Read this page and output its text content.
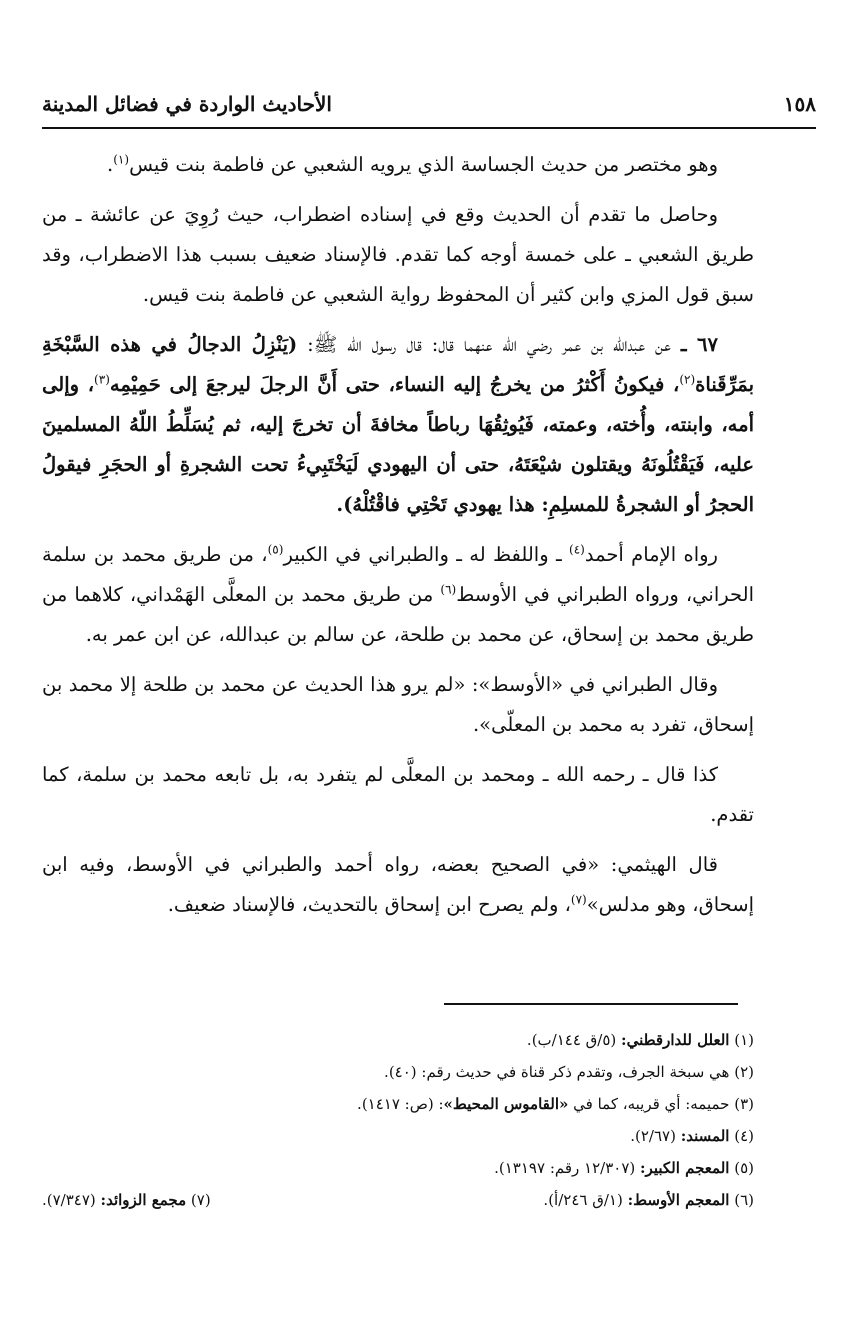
١٥٨
الأحاديث الواردة في فضائل المدينة

وهو مختصر من حديث الجساسة الذي يرويه الشعبي عن فاطمة بنت قيس$^{(١)}$.

وحاصل ما تقدم أن الحديث وقع في إسناده اضطراب، حيث رُوِيَ عن عائشة ـ من طريق الشعبي ـ على خمسة أوجه كما تقدم. فالإسناد ضعيف بسبب هذا الاضطراب، وقد سبق قول المزي وابن كثير أن المحفوظ رواية الشعبي عن فاطمة بنت قيس.

٦٧ ـ عن عبدالله بن عمر رضي الله عنهما قال: قال رسول الله ﷺ: (يَنْزِلُ الدجالُ في هذه السَّبْخَةِ بمَرِّقَناة$^{(٢)}$، فيكونُ أَكْثرُ من يخرجُ إليه النساء، حتى أَنَّ الرجلَ ليرجعَ إلى حَمِيْمِه$^{(٣)}$، وإلى أمه، وابنته، وأُخته، وعمته، فَيُوثِقُهَا رباطاً مخافةَ أن تخرجَ إليه، ثم يُسَلِّطُ اللّهُ المسلمينَ عليه، فَيَقْتُلُونَهُ ويقتلون شيْعَتَهُ، حتى أن اليهودي لَيَخْتَبِيءُ تحت الشجرةِ أو الحجَرِ فيقولُ الحجرُ أو الشجرةُ للمسلِمِ: هذا يهودي تَحْتِي فاقْتُلْهُ).

رواه الإمام أحمد$^{(٤)}$ ـ واللفظ له ـ والطبراني في الكبير$^{(٥)}$، من طريق محمد بن سلمة الحراني، ورواه الطبراني في الأوسط$^{(٦)}$ من طريق محمد بن المعلَّى الهَمْداني، كلاهما من طريق محمد بن إسحاق، عن محمد بن طلحة، عن سالم بن عبدالله، عن ابن عمر به.

وقال الطبراني في «الأوسط»: «لم يرو هذا الحديث عن محمد بن طلحة إلا محمد بن إسحاق، تفرد به محمد بن المعلّى».

كذا قال ـ رحمه الله ـ ومحمد بن المعلَّى لم يتفرد به، بل تابعه محمد بن سلمة، كما تقدم.

قال الهيثمي: «في الصحيح بعضه، رواه أحمد والطبراني في الأوسط، وفيه ابن إسحاق، وهو مدلس»$^{(٧)}$، ولم يصرح ابن إسحاق بالتحديث، فالإسناد ضعيف.

(١) العلل للدارقطني: (٥/ق ١٤٤/ب).
(٢) هي سبخة الجرف، وتقدم ذكر قناة في حديث رقم: (٤٠).
(٣) حميمه: أي قريبه، كما في «القاموس المحيط»: (ص: ١٤١٧).
(٤) المسند: (٢/٦٧).
(٥) المعجم الكبير: (١٢/٣٠٧ رقم: ١٣١٩٧).
(٦) المعجم الأوسط: (١/ق ٢٤٦/أ).
(٧) مجمع الزوائد: (٧/٣٤٧).
